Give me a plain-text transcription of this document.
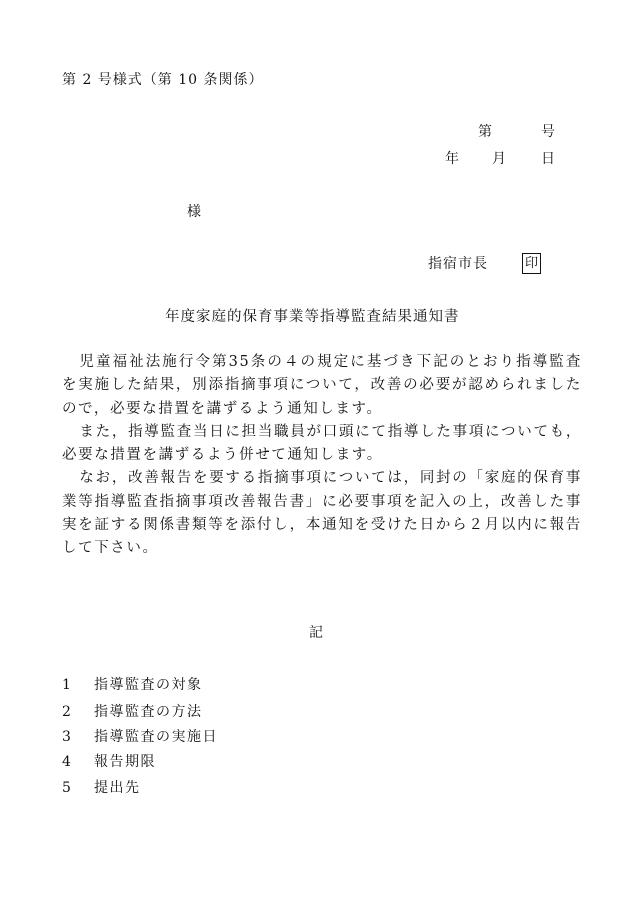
第 2 号様式（第 10 条関係）
第	号
年 月 日
様
指宿市長	印
年度家庭的保育事業等指導監査結果通知書

児童福祉法施行令第35条の４の規定に基づき下記のとおり指導監査を実施した結果，別添指摘事項について，改善の必要が認められましたので，必要な措置を講ずるよう通知します。

また，指導監査当日に担当職員が口頭にて指導した事項についても，必要な措置を講ずるよう併せて通知します。

なお，改善報告を要する指摘事項については，同封の「家庭的保育事業等指導監査指摘事項改善報告書」に必要事項を記入の上，改善した事実を証する関係書類等を添付し，本通知を受けた日から２月以内に報告して下さい。

記
1 指導監査の対象
2 指導監査の方法
3 指導監査の実施日
4 報告期限
5 提出先
